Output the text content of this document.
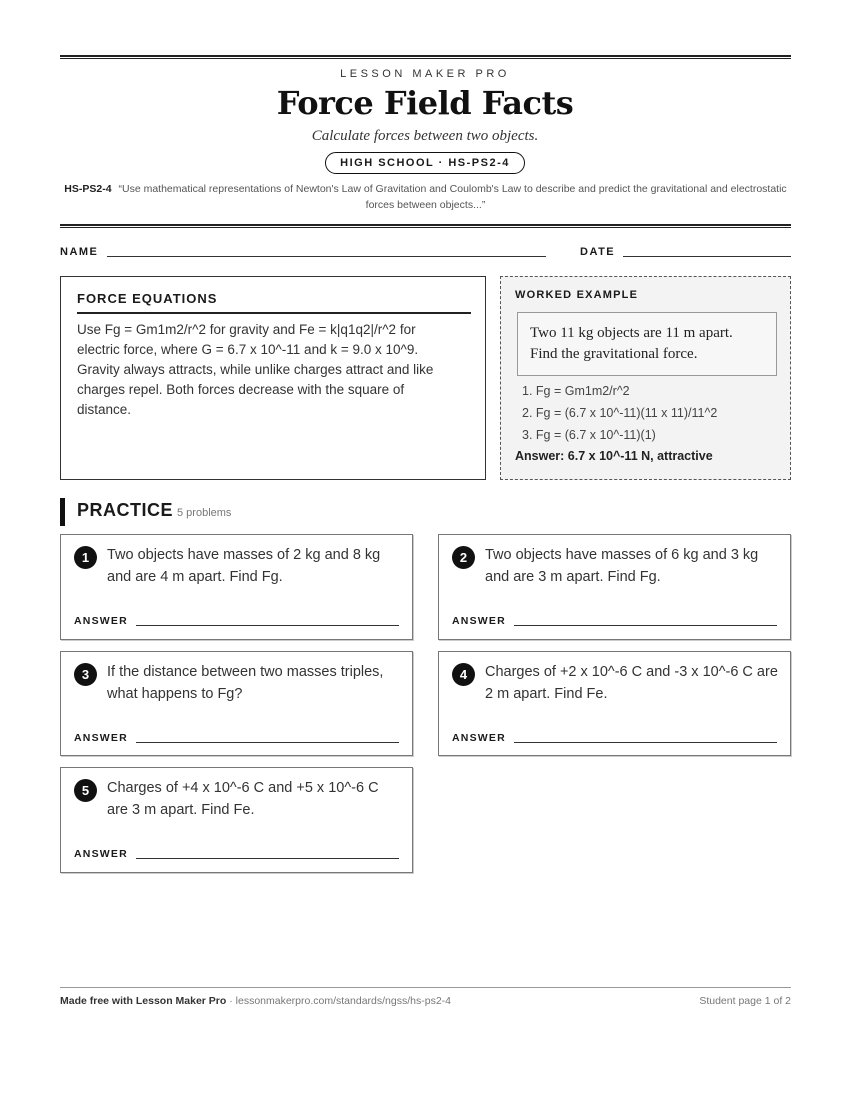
LESSON MAKER PRO
Force Field Facts
Calculate forces between two objects.
HIGH SCHOOL · HS-PS2-4
HS-PS2-4 “Use mathematical representations of Newton's Law of Gravitation and Coulomb's Law to describe and predict the gravitational and electrostatic forces between objects...”
NAME	DATE
FORCE EQUATIONS
Use Fg = Gm1m2/r^2 for gravity and Fe = k|q1q2|/r^2 for electric force, where G = 6.7 x 10^-11 and k = 9.0 x 10^9. Gravity always attracts, while unlike charges attract and like charges repel. Both forces decrease with the square of distance.
WORKED EXAMPLE
Two 11 kg objects are 11 m apart. Find the gravitational force.
1. Fg = Gm1m2/r^2
2. Fg = (6.7 x 10^-11)(11 x 11)/11^2
3. Fg = (6.7 x 10^-11)(1)
Answer: 6.7 x 10^-11 N, attractive
PRACTICE 5 problems
1	Two objects have masses of 2 kg and 8 kg and are 4 m apart. Find Fg.
ANSWER
2	Two objects have masses of 6 kg and 3 kg and are 3 m apart. Find Fg.
ANSWER
3	If the distance between two masses triples, what happens to Fg?
ANSWER
4	Charges of +2 x 10^-6 C and -3 x 10^-6 C are 2 m apart. Find Fe.
ANSWER
5	Charges of +4 x 10^-6 C and +5 x 10^-6 C are 3 m apart. Find Fe.
ANSWER
Made free with Lesson Maker Pro · lessonmakerpro.com/standards/ngss/hs-ps2-4	Student page 1 of 2
